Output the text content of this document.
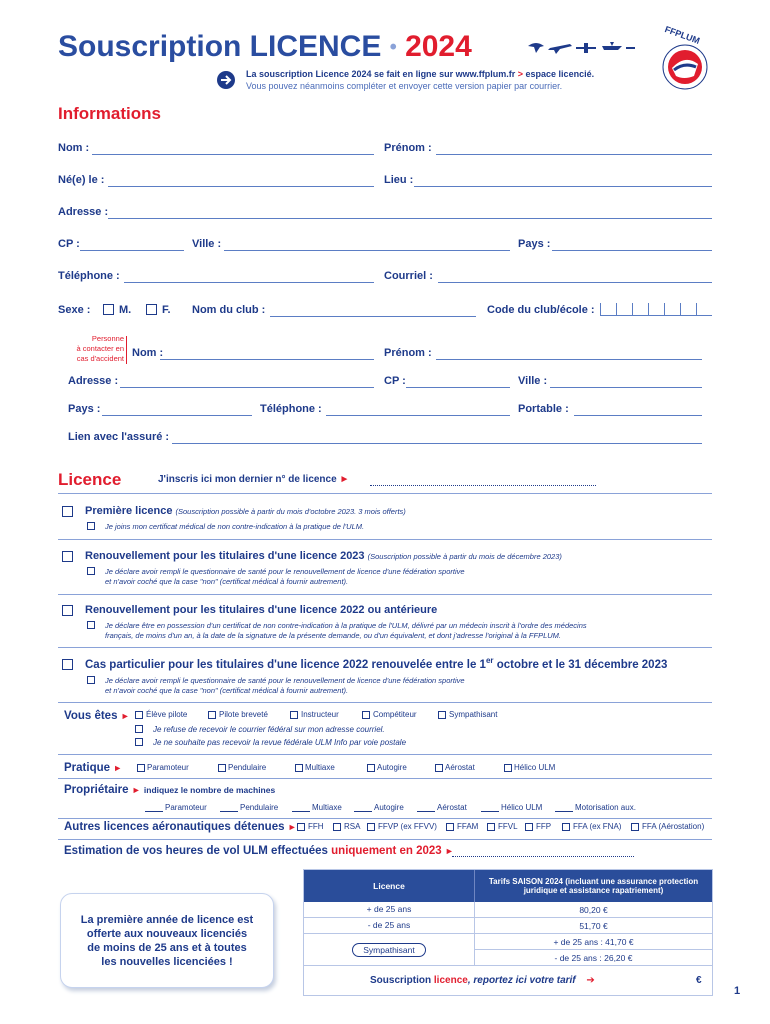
Souscription LICENCE • 2024
La souscription Licence 2024 se fait en ligne sur www.ffplum.fr > espace licencié.
Vous pouvez néanmoins compléter et envoyer cette version papier par courrier.
FFPLUM
Informations
Nom :	Prénom :
Né(e) le :	Lieu :
Adresse :
CP :	Ville :	Pays :
Téléphone :	Courriel :
Sexe :	M.	F. Nom du club :	Code du club/école :
Personne
à contacter en
cas d'accident Nom :	Prénom :
Adresse :	CP :	Ville :
Pays :	Téléphone :	Portable :
Lien avec l'assuré :
Licence	J'inscris ici mon dernier n° de licence ►
Première licence (Souscription possible à partir du mois d'octobre 2023. 3 mois offerts)
Je joins mon certificat médical de non contre-indication à la pratique de l'ULM.
Renouvellement pour les titulaires d'une licence 2023 (Souscription possible à partir du mois de décembre 2023)
Je déclare avoir rempli le questionnaire de santé pour le renouvellement de licence d'une fédération sportive
et n'avoir coché que la case "non" (certificat médical à fournir autrement).
Renouvellement pour les titulaires d'une licence 2022 ou antérieure
Je déclare être en possession d'un certificat de non contre-indication à la pratique de l'ULM, délivré par un médecin inscrit à l'ordre des médecins
français, de moins d'un an, à la date de la signature de la présente demande, ou d'un équivalent, et dont j'adresse l'original à la FFPLUM.
Cas particulier pour les titulaires d'une licence 2022 renouvelée entre le 1er octobre et le 31 décembre 2023
Je déclare avoir rempli le questionnaire de santé pour le renouvellement de licence d'une fédération sportive
et n'avoir coché que la case "non" (certificat médical à fournir autrement).
Vous êtes ► Élève pilote	Pilote breveté	Instructeur	Compétiteur	Sympathisant
Je refuse de recevoir le courrier fédéral sur mon adresse courriel.
Je ne souhaite pas recevoir la revue fédérale ULM Info par voie postale
Pratique ►	Paramoteur	Pendulaire	Multiaxe	Autogire	Aérostat	Hélico ULM
Propriétaire ► indiquez le nombre de machines
Paramoteur	Pendulaire	Multiaxe	Autogire	Aérostat	Hélico ULM	Motorisation aux.
Autres licences aéronautiques détenues ► FFH	RSA FFVP (ex FFVV)	FFAM FFVL FFP	FFA (ex FNA)	FFA (Aérostation)
Estimation de vos heures de vol ULM effectuées uniquement en 2023 ►
La première année de licence est offerte aux nouveaux licenciés de moins de 25 ans et à toutes les nouvelles licenciées !
Licence	Tarifs SAISON 2024 (incluant une assurance protection juridique et assistance rapatriement)
+ de 25 ans	80,20 €
- de 25 ans	51,70 €
Sympathisant
+ de 25 ans : 41,70 €
- de 25 ans : 26,20 €
Souscription licence, reportez ici votre tarif ➔	€
1
